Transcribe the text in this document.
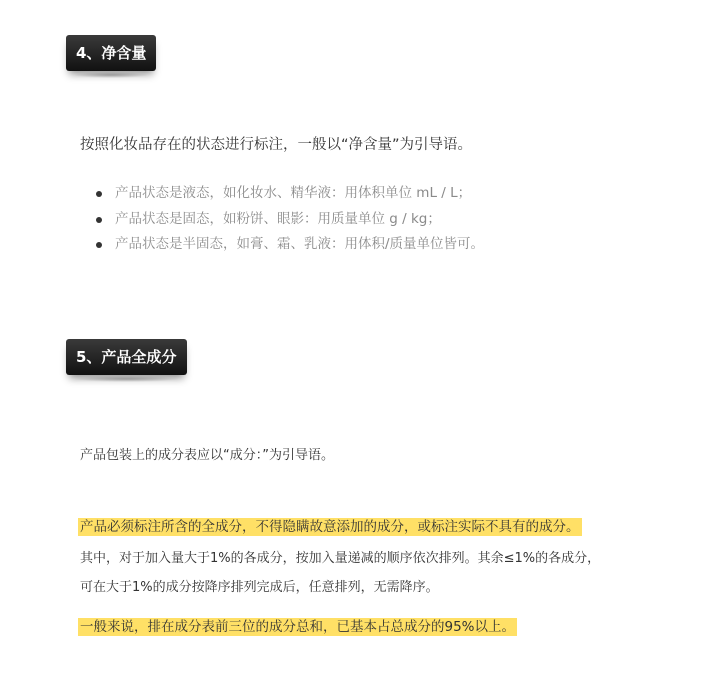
4、净含量
按照化妆品存在的状态进行标注，一般以“净含量”为引导语。
产品状态是液态，如化妆水、精华液：用体积单位 mL / L；
产品状态是固态，如粉饼、眼影：用质量单位 g / kg；
产品状态是半固态，如膏、霜、乳液：用体积/质量单位皆可。
5、产品全成分
产品包装上的成分表应以“成分：”为引导语。
产品必须标注所含的全成分，不得隐瞒故意添加的成分，或标注实际不具有的成分。
其中，对于加入量大于1%的各成分，按加入量递减的顺序依次排列。其余≤1%的各成分，
可在大于1%的成分按降序排列完成后，任意排列，无需降序。
一般来说，排在成分表前三位的成分总和，已基本占总成分的95%以上。
